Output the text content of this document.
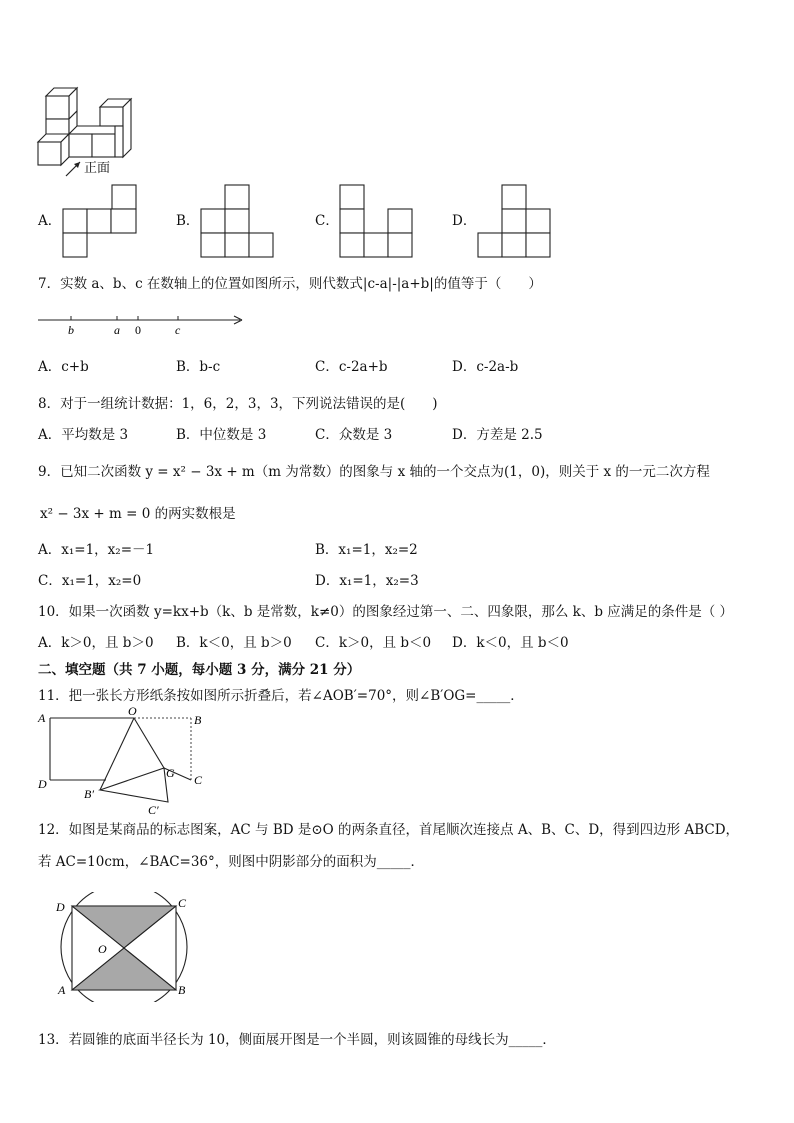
正面
A．	B．	C．	D．
7．实数 a、b、c 在数轴上的位置如图所示，则代数式|c-a|-|a+b|的值等于（　　）
b	a 0	c
A．c+b	B．b-c	C．c-2a+b	D．c-2a-b
8．对于一组统计数据：1，6，2，3，3，下列说法错误的是(　　)
A．平均数是 3	B．中位数是 3	C．众数是 3	D．方差是 2.5
9．已知二次函数 y = x² − 3x + m（m 为常数）的图象与 x 轴的一个交点为(1，0)，则关于 x 的一元二次方程
x² − 3x + m = 0 的两实数根是
A．x₁=1，x₂=－1	B．x₁=1，x₂=2
C．x₁=1，x₂=0	D．x₁=1，x₂=3
10．如果一次函数 y=kx+b（k、b 是常数，k≠0）的图象经过第一、二、四象限，那么 k、b 应满足的条件是（ ）
A．k＞0，且 b＞0 B．k＜0，且 b＞0 C．k＞0，且 b＜0 D．k＜0，且 b＜0
二、填空题（共 7 小题，每小题 3 分，满分 21 分）
11．把一张长方形纸条按如图所示折叠后，若∠AOB′=70°，则∠B′OG=_____．
A	O
B
D
B′
G C
C′
12．如图是某商品的标志图案，AC 与 BD 是⊙O 的两条直径，首尾顺次连接点 A、B、C、D，得到四边形 ABCD，
若 AC=10cm，∠BAC=36°，则图中阴影部分的面积为_____．
D	C
O
A	B
13．若圆锥的底面半径长为 10，侧面展开图是一个半圆，则该圆锥的母线长为_____．
